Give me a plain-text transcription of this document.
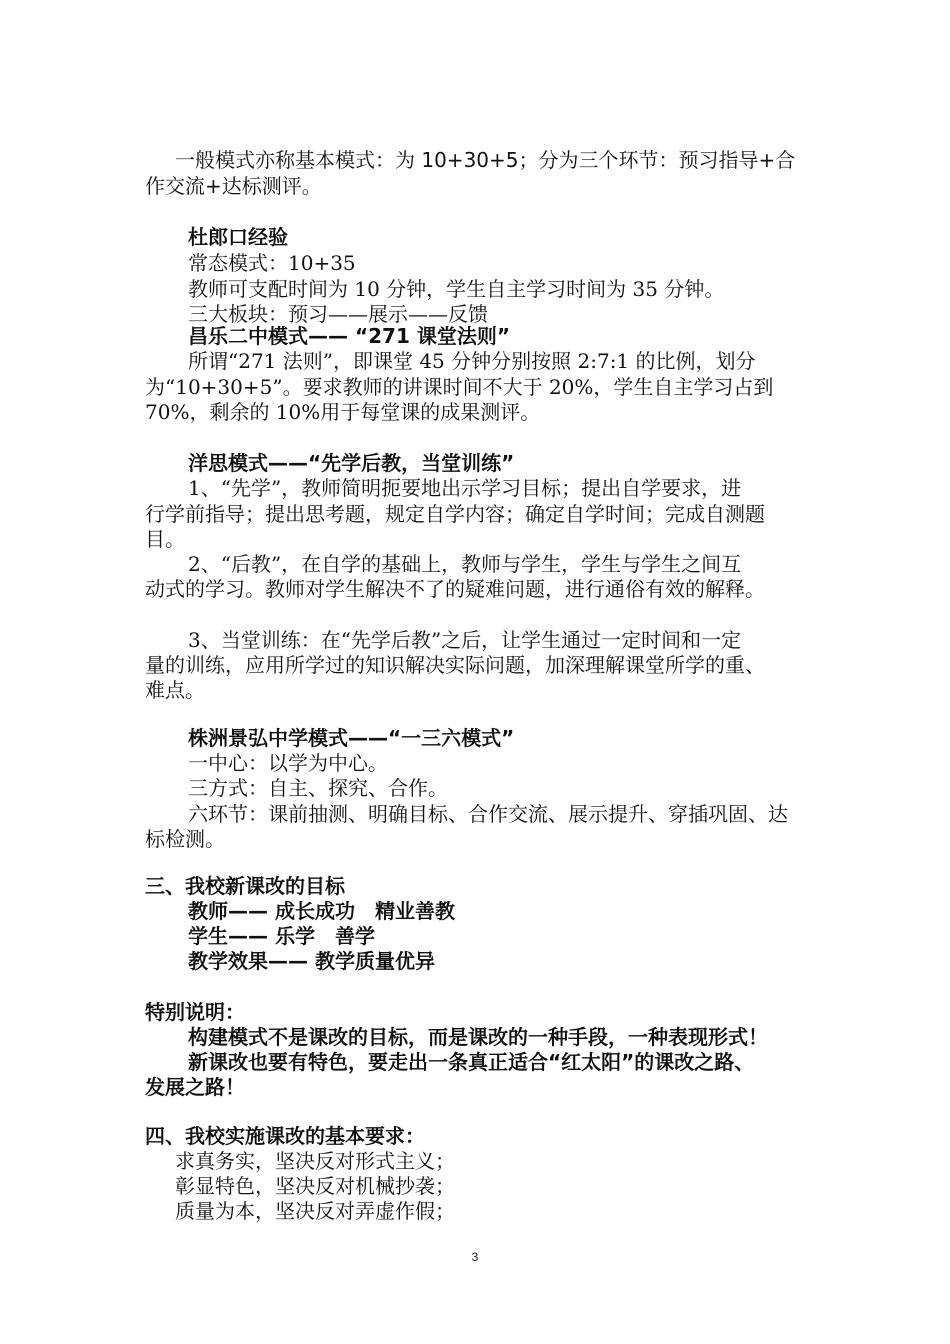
一般模式亦称基本模式：为 10+30+5；分为三个环节：预习指导+合
作交流+达标测评。
杜郎口经验
常态模式：10+35
教师可支配时间为 10 分钟，学生自主学习时间为 35 分钟。
三大板块：预习——展示——反馈
昌乐二中模式—— “271 课堂法则”
所谓“271 法则”，即课堂 45 分钟分别按照 2:7:1 的比例，划分
为“10+30+5”。要求教师的讲课时间不大于 20%，学生自主学习占到
70%，剩余的 10%用于每堂课的成果测评。
洋思模式——“先学后教，当堂训练”
1、“先学”，教师简明扼要地出示学习目标；提出自学要求，进
行学前指导；提出思考题，规定自学内容；确定自学时间；完成自测题
目。
2、“后教”，在自学的基础上，教师与学生，学生与学生之间互
动式的学习。教师对学生解决不了的疑难问题，进行通俗有效的解释。
3、当堂训练：在“先学后教”之后，让学生通过一定时间和一定
量的训练，应用所学过的知识解决实际问题，加深理解课堂所学的重、
难点。
株洲景弘中学模式——“一三六模式”
一中心：以学为中心。
三方式：自主、探究、合作。
六环节：课前抽测、明确目标、合作交流、展示提升、穿插巩固、达
标检测。
三、我校新课改的目标
教师—— 成长成功　精业善教
学生—— 乐学　善学
教学效果—— 教学质量优异
特别说明：
构建模式不是课改的目标，而是课改的一种手段，一种表现形式！
新课改也要有特色，要走出一条真正适合“红太阳”的课改之路、
发展之路！
四、我校实施课改的基本要求：
求真务实，坚决反对形式主义；
彰显特色，坚决反对机械抄袭；
质量为本，坚决反对弄虚作假；
3
